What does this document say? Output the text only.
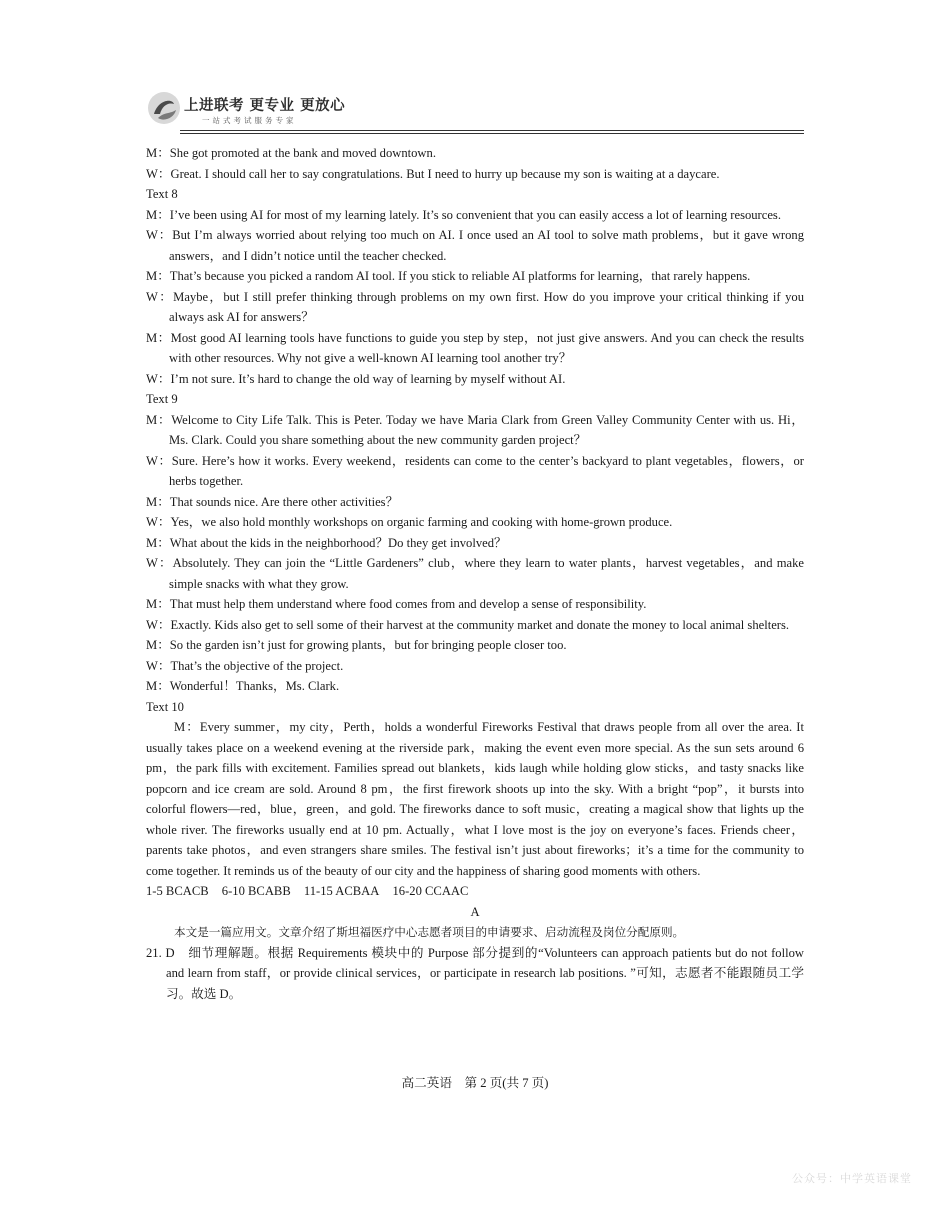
上进联考 更专业 更放心
一站式考试服务专家
M：She got promoted at the bank and moved downtown.
W：Great. I should call her to say congratulations. But I need to hurry up because my son is waiting at a daycare.
Text 8
M：I’ve been using AI for most of my learning lately. It’s so convenient that you can easily access a lot of learning resources.
W：But I’m always worried about relying too much on AI. I once used an AI tool to solve math problems，but it gave wrong answers，and I didn’t notice until the teacher checked.
M：That’s because you picked a random AI tool. If you stick to reliable AI platforms for learning，that rarely happens.
W：Maybe，but I still prefer thinking through problems on my own first. How do you improve your critical thinking if you always ask AI for answers？
M：Most good AI learning tools have functions to guide you step by step，not just give answers. And you can check the results with other resources. Why not give a well-known AI learning tool another try？
W：I’m not sure. It’s hard to change the old way of learning by myself without AI.
Text 9
M：Welcome to City Life Talk. This is Peter. Today we have Maria Clark from Green Valley Community Center with us. Hi，Ms. Clark. Could you share something about the new community garden project？
W：Sure. Here’s how it works. Every weekend，residents can come to the center’s backyard to plant vegetables，flowers，or herbs together.
M：That sounds nice. Are there other activities？
W：Yes，we also hold monthly workshops on organic farming and cooking with home-grown produce.
M：What about the kids in the neighborhood？Do they get involved？
W：Absolutely. They can join the “Little Gardeners” club，where they learn to water plants，harvest vegetables，and make simple snacks with what they grow.
M：That must help them understand where food comes from and develop a sense of responsibility.
W：Exactly. Kids also get to sell some of their harvest at the community market and donate the money to local animal shelters.
M：So the garden isn’t just for growing plants，but for bringing people closer too.
W：That’s the objective of the project.
M：Wonderful！Thanks，Ms. Clark.
Text 10
M：Every summer，my city，Perth，holds a wonderful Fireworks Festival that draws people from all over the area. It usually takes place on a weekend evening at the riverside park，making the event even more special. As the sun sets around 6 pm，the park fills with excitement. Families spread out blankets，kids laugh while holding glow sticks，and tasty snacks like popcorn and ice cream are sold. Around 8 pm，the first firework shoots up into the sky. With a bright “pop”，it bursts into colorful flowers—red，blue，green，and gold. The fireworks dance to soft music，creating a magical show that lights up the whole river. The fireworks usually end at 10 pm. Actually，what I love most is the joy on everyone’s faces. Friends cheer，parents take photos，and even strangers share smiles. The festival isn’t just about fireworks；it’s a time for the community to come together. It reminds us of the beauty of our city and the happiness of sharing good moments with others.
1-5 BCACB 6-10 BCABB 11-15 ACBAA 16-20 CCAAC
A
本文是一篇应用文。文章介绍了斯坦福医疗中心志愿者项目的申请要求、启动流程及岗位分配原则。
21. D　细节理解题。根据 Requirements 模块中的 Purpose 部分提到的“Volunteers can approach patients but do not follow and learn from staff，or provide clinical services，or participate in research lab positions. ”可知，志愿者不能跟随员工学习。故选 D。
高二英语　第 2 页(共 7 页)
公众号：中学英语课堂
